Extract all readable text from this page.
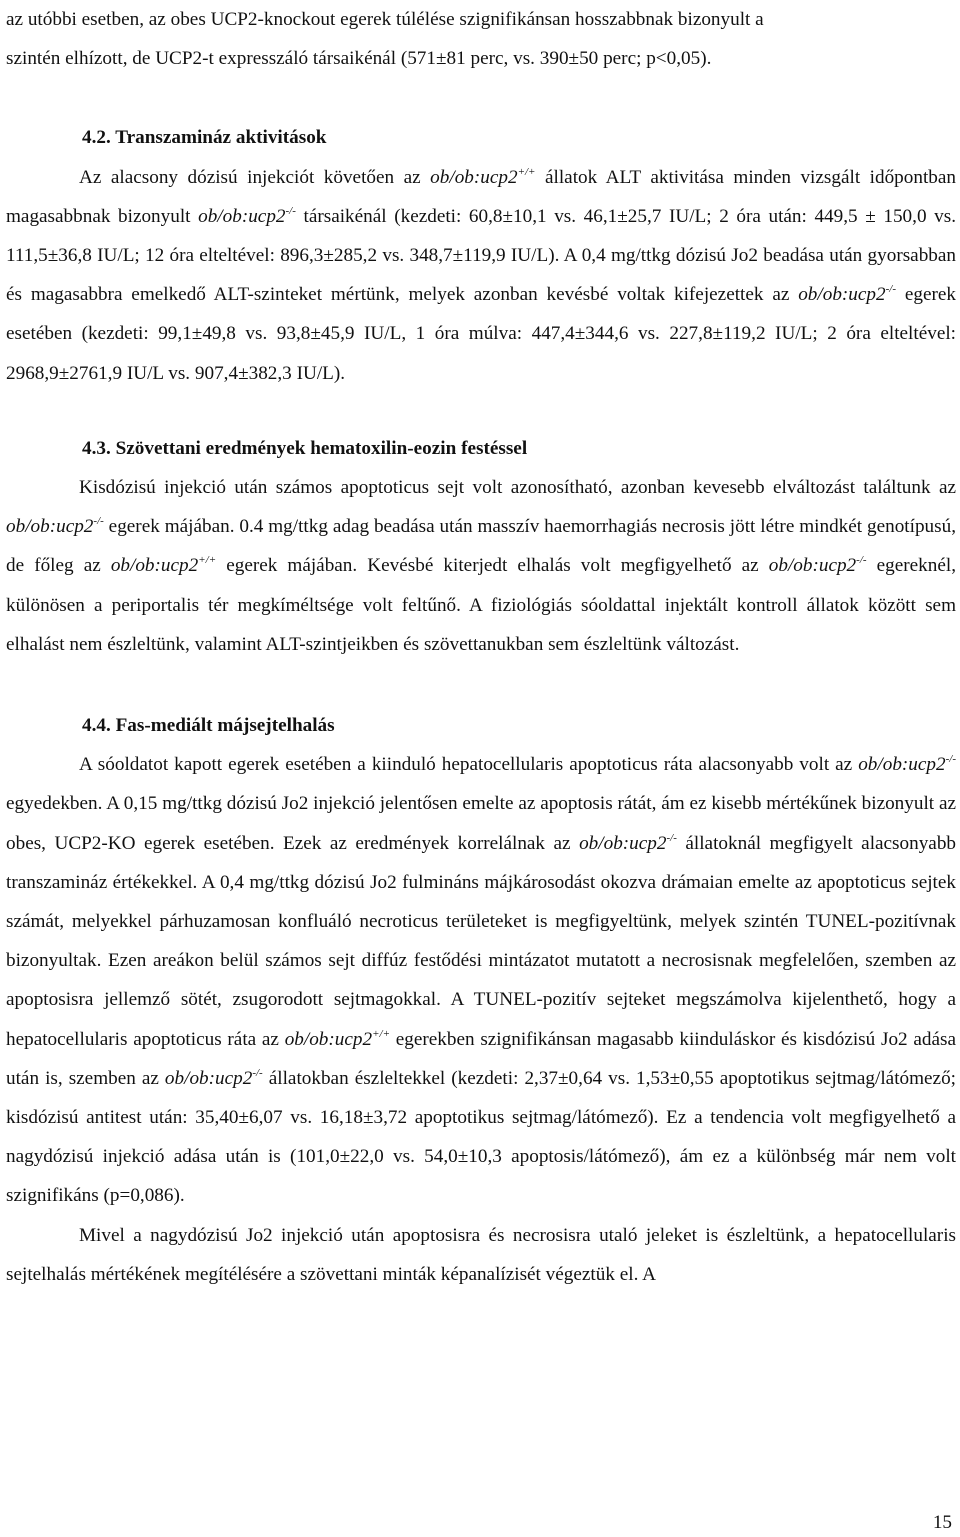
az utóbbi esetben, az obes UCP2-knockout egerek túlélése szignifikánsan hosszabbnak bizonyult a
szintén elhízott, de UCP2-t expresszáló társaikénál (571±81 perc, vs. 390±50 perc; p<0,05).

4.2. Transzamináz aktivitások

Az alacsony dózisú injekciót követően az ob/ob:ucp2+/+ állatok ALT aktivitása minden vizsgált időpontban magasabbnak bizonyult ob/ob:ucp2-/- társaikénál (kezdeti: 60,8±10,1 vs. 46,1±25,7 IU/L; 2 óra után: 449,5 ± 150,0 vs. 111,5±36,8 IU/L; 12 óra elteltével: 896,3±285,2 vs. 348,7±119,9 IU/L). A 0,4 mg/ttkg dózisú Jo2 beadása után gyorsabban és magasabbra emelkedő ALT-szinteket mértünk, melyek azonban kevésbé voltak kifejezettek az ob/ob:ucp2-/- egerek esetében (kezdeti: 99,1±49,8 vs. 93,8±45,9 IU/L, 1 óra múlva: 447,4±344,6 vs. 227,8±119,2 IU/L; 2 óra elteltével: 2968,9±2761,9 IU/L vs. 907,4±382,3 IU/L).

4.3. Szövettani eredmények hematoxilin-eozin festéssel

Kisdózisú injekció után számos apoptoticus sejt volt azonosítható, azonban kevesebb elváltozást találtunk az ob/ob:ucp2-/- egerek májában. 0.4 mg/ttkg adag beadása után masszív haemorrhagiás necrosis jött létre mindkét genotípusú, de főleg az ob/ob:ucp2+/+ egerek májában. Kevésbé kiterjedt elhalás volt megfigyelhető az ob/ob:ucp2-/- egereknél, különösen a periportalis tér megkíméltsége volt feltűnő. A fiziológiás sóoldattal injektált kontroll állatok között sem elhalást nem észleltünk, valamint ALT-szintjeikben és szövettanukban sem észleltünk változást.

4.4. Fas-mediált májsejtelhalás

A sóoldatot kapott egerek esetében a kiinduló hepatocellularis apoptoticus ráta alacsonyabb volt az ob/ob:ucp2-/- egyedekben. A 0,15 mg/ttkg dózisú Jo2 injekció jelentősen emelte az apoptosis rátát, ám ez kisebb mértékűnek bizonyult az obes, UCP2-KO egerek esetében. Ezek az eredmények korrelálnak az ob/ob:ucp2-/- állatoknál megfigyelt alacsonyabb transzamináz értékekkel. A 0,4 mg/ttkg dózisú Jo2 fulmináns májkárosodást okozva drámaian emelte az apoptoticus sejtek számát, melyekkel párhuzamosan konfluáló necroticus területeket is megfigyeltünk, melyek szintén TUNEL-pozitívnak bizonyultak. Ezen areákon belül számos sejt diffúz festődési mintázatot mutatott a necrosisnak megfelelően, szemben az apoptosisra jellemző sötét, zsugorodott sejtmagokkal. A TUNEL-pozitív sejteket megszámolva kijelenthető, hogy a hepatocellularis apoptoticus ráta az ob/ob:ucp2+/+ egerekben szignifikánsan magasabb kiinduláskor és kisdózisú Jo2 adása után is, szemben az ob/ob:ucp2-/- állatokban észleltekkel (kezdeti: 2,37±0,64 vs. 1,53±0,55 apoptotikus sejtmag/látómező; kisdózisú antitest után: 35,40±6,07 vs. 16,18±3,72 apoptotikus sejtmag/látómező). Ez a tendencia volt megfigyelhető a nagydózisú injekció adása után is (101,0±22,0 vs. 54,0±10,3 apoptosis/látómező), ám ez a különbség már nem volt szignifikáns (p=0,086).

Mivel a nagydózisú Jo2 injekció után apoptosisra és necrosisra utaló jeleket is észleltünk, a hepatocellularis sejtelhalás mértékének megítélésére a szövettani minták képanalízisét végeztük el. A

15
